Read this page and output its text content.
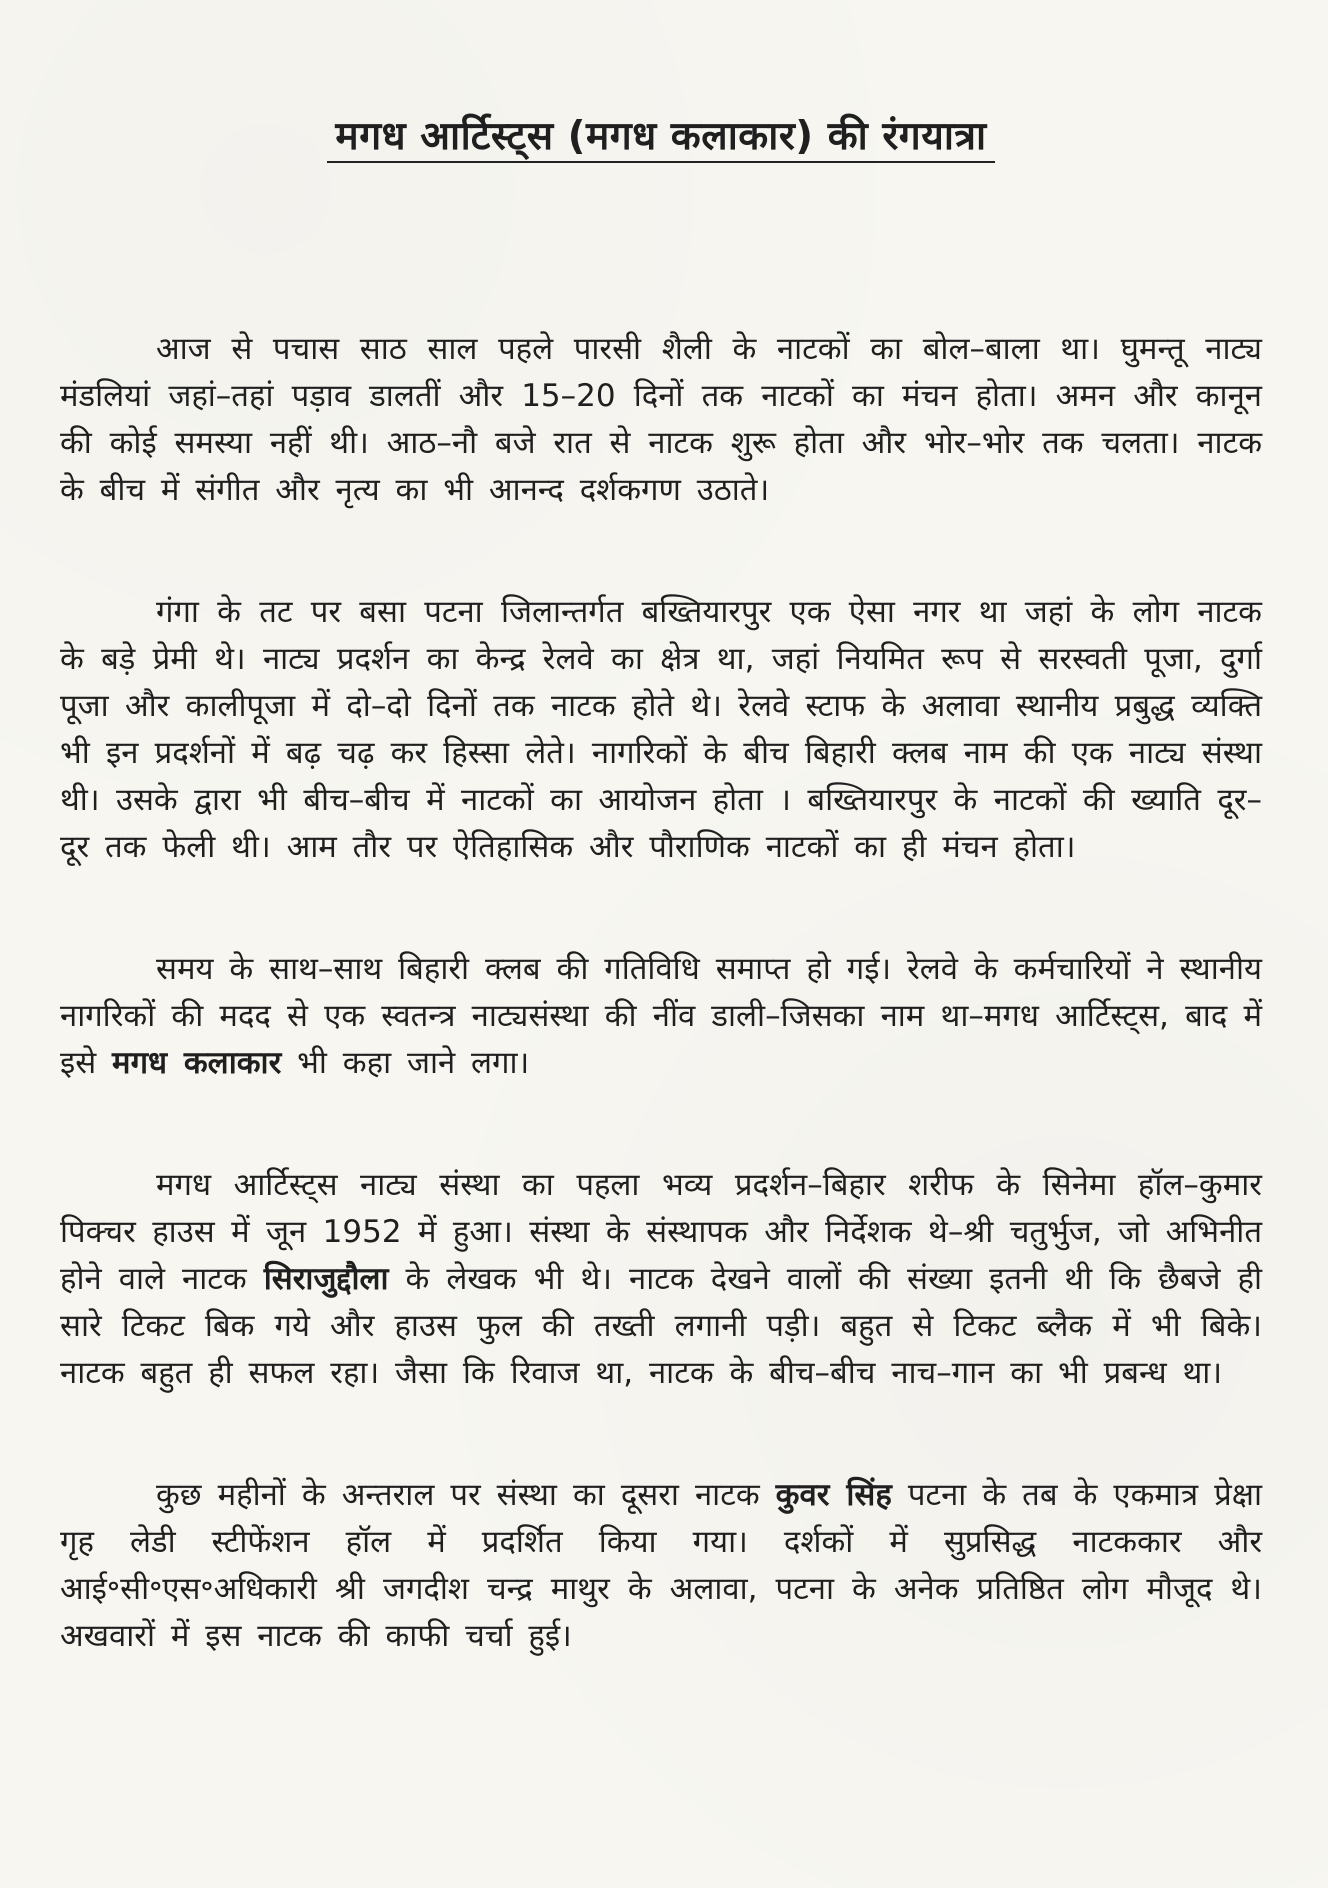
मगध आर्टिस्ट्स (मगध कलाकार) की रंगयात्रा

आज से पचास साठ साल पहले पारसी शैली के नाटकों का बोल–बाला था। घुमन्तू नाट्य मंडलियां जहां–तहां पड़ाव डालतीं और 15–20 दिनों तक नाटकों का मंचन होता। अमन और कानून की कोई समस्या नहीं थी। आठ–नौ बजे रात से नाटक शुरू होता और भोर–भोर तक चलता। नाटक के बीच में संगीत और नृत्य का भी आनन्द दर्शकगण उठाते।

गंगा के तट पर बसा पटना जिलान्तर्गत बख्तियारपुर एक ऐसा नगर था जहां के लोग नाटक के बड़े प्रेमी थे। नाट्य प्रदर्शन का केन्द्र रेलवे का क्षेत्र था, जहां नियमित रूप से सरस्वती पूजा, दुर्गा पूजा और कालीपूजा में दो–दो दिनों तक नाटक होते थे। रेलवे स्टाफ के अलावा स्थानीय प्रबुद्ध व्यक्ति भी इन प्रदर्शनों में बढ़ चढ़ कर हिस्सा लेते। नागरिकों के बीच बिहारी क्लब नाम की एक नाट्य संस्था थी। उसके द्वारा भी बीच–बीच में नाटकों का आयोजन होता । बख्तियारपुर के नाटकों की ख्याति दूर–दूर तक फेली थी। आम तौर पर ऐतिहासिक और पौराणिक नाटकों का ही मंचन होता।

समय के साथ–साथ बिहारी क्लब की गतिविधि समाप्त हो गई। रेलवे के कर्मचारियों ने स्थानीय नागरिकों की मदद से एक स्वतन्त्र नाट्यसंस्था की नींव डाली–जिसका नाम था–मगध आर्टिस्ट्स, बाद में इसे मगध कलाकार भी कहा जाने लगा।

मगध आर्टिस्ट्स नाट्य संस्था का पहला भव्य प्रदर्शन–बिहार शरीफ के सिनेमा हॉल–कुमार पिक्चर हाउस में जून 1952 में हुआ। संस्था के संस्थापक और निर्देशक थे–श्री चतुर्भुज, जो अभिनीत होने वाले नाटक सिराजुद्दौला के लेखक भी थे। नाटक देखने वालों की संख्या इतनी थी कि छैबजे ही सारे टिकट बिक गये और हाउस फुल की तख्ती लगानी पड़ी। बहुत से टिकट ब्लैक में भी बिके। नाटक बहुत ही सफल रहा। जैसा कि रिवाज था, नाटक के बीच–बीच नाच–गान का भी प्रबन्ध था।

कुछ महीनों के अन्तराल पर संस्था का दूसरा नाटक कुवर सिंह पटना के तब के एकमात्र प्रेक्षा गृह लेडी स्टीफेंशन हॉल में प्रदर्शित किया गया। दर्शकों में सुप्रसिद्ध नाटककार और आई॰सी॰एस॰अधिकारी श्री जगदीश चन्द्र माथुर के अलावा, पटना के अनेक प्रतिष्ठित लोग मौजूद थे। अखवारों में इस नाटक की काफी चर्चा हुई।
